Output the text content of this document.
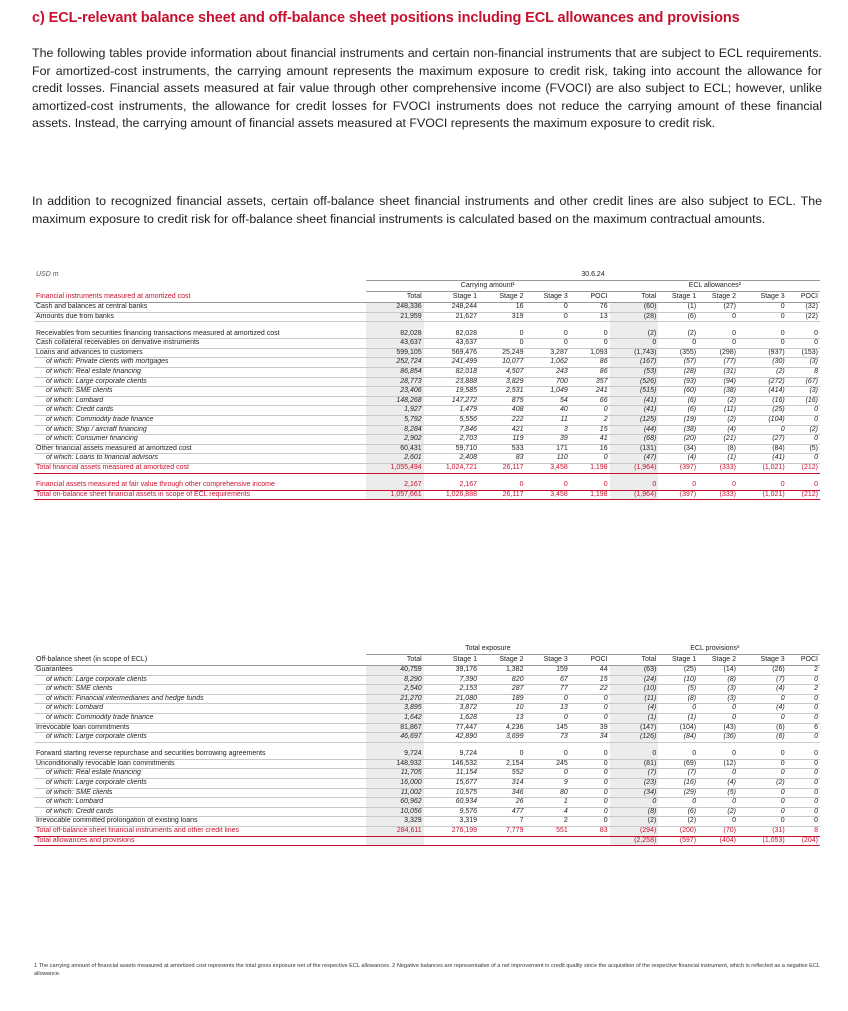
c) ECL-relevant balance sheet and off-balance sheet positions including ECL allowances and provisions
The following tables provide information about financial instruments and certain non-financial instruments that are subject to ECL requirements. For amortized-cost instruments, the carrying amount represents the maximum exposure to credit risk, taking into account the allowance for credit losses. Financial assets measured at fair value through other comprehensive income (FVOCI) are also subject to ECL; however, unlike amortized-cost instruments, the allowance for credit losses for FVOCI instruments does not reduce the carrying amount of these financial assets. Instead, the carrying amount of financial assets measured at FVOCI represents the maximum exposure to credit risk.
In addition to recognized financial assets, certain off-balance sheet financial instruments and other credit lines are also subject to ECL. The maximum exposure to credit risk for off-balance sheet financial instruments is calculated based on the maximum contractual amounts.
USD m	30.6.24									
	Carrying amount¹					ECL allowances²				
Financial instruments measured at amortized cost	Total	Stage 1	Stage 2	Stage 3	POCI	Total	Stage 1	Stage 2	Stage 3	POCI
Cash and balances at central banks	248,336	248,244	16	0	76	(60)	(1)	(27)	0	(32)
Amounts due from banks	21,959	21,627	319	0	13	(28)	(6)	0	0	(22)
Receivables from securities financing transactions measured at amortized cost	82,028	82,028	0	0	0	(2)	(2)	0	0	0
Cash collateral receivables on derivative instruments	43,637	43,637	0	0	0	0	0	0	0	0
Loans and advances to customers	599,105	569,476	25,249	3,287	1,093	(1,743)	(355)	(298)	(937)	(153)
of which: Private clients with mortgages	252,724	241,499	10,077	1,062	86	(167)	(57)	(77)	(30)	(3)
of which: Real estate financing	86,854	82,018	4,507	243	86	(53)	(28)	(31)	(2)	8
of which: Large corporate clients	28,773	23,888	3,829	700	357	(526)	(93)	(94)	(272)	(67)
of which: SME clients	23,406	19,585	2,531	1,049	241	(515)	(60)	(38)	(414)	(3)
of which: Lombard	148,268	147,272	875	54	66	(41)	(6)	(2)	(16)	(16)
of which: Credit cards	1,927	1,479	408	40	0	(41)	(6)	(11)	(25)	0
of which: Commodity trade finance	5,792	5,556	222	11	2	(125)	(19)	(2)	(104)	0
of which: Ship / aircraft financing	8,284	7,846	421	3	15	(44)	(38)	(4)	0	(2)
of which: Consumer financing	2,902	2,703	119	39	41	(68)	(20)	(21)	(27)	0
Other financial assets measured at amortized cost	60,431	59,710	533	171	16	(131)	(34)	(8)	(84)	(5)
of which: Loans to financial advisors	2,601	2,408	83	110	0	(47)	(4)	(1)	(41)	0
Total financial assets measured at amortized cost	1,055,494	1,024,721	26,117	3,458	1,198	(1,964)	(397)	(333)	(1,021)	(212)
Financial assets measured at fair value through other comprehensive income	2,167	2,167	0	0	0	0	0	0	0	0
Total on-balance sheet financial assets in scope of ECL requirements	1,057,661	1,026,888	26,117	3,458	1,198	(1,964)	(397)	(333)	(1,021)	(212)
	Total exposure					ECL provisions²				
Off-balance sheet (in scope of ECL)	Total	Stage 1	Stage 2	Stage 3	POCI	Total	Stage 1	Stage 2	Stage 3	POCI
Guarantees	40,759	39,176	1,382	159	44	(63)	(25)	(14)	(26)	2
of which: Large corporate clients	8,290	7,390	820	67	15	(24)	(10)	(8)	(7)	0
of which: SME clients	2,540	2,153	287	77	22	(10)	(5)	(3)	(4)	2
of which: Financial intermediaries and hedge funds	21,270	21,080	189	0	0	(11)	(8)	(3)	0	0
of which: Lombard	3,895	3,872	10	13	0	(4)	0	0	(4)	0
of which: Commodity trade finance	1,642	1,628	13	0	0	(1)	(1)	0	0	0
Irrevocable loan commitments	81,867	77,447	4,236	145	39	(147)	(104)	(43)	(6)	6
of which: Large corporate clients	46,697	42,890	3,699	73	34	(126)	(84)	(36)	(6)	0
Forward starting reverse repurchase and securities borrowing agreements	9,724	9,724	0	0	0	0	0	0	0	0
Unconditionally revocable loan commitments	148,932	146,532	2,154	245	0	(81)	(69)	(12)	0	0
of which: Real estate financing	11,705	11,154	552	0	0	(7)	(7)	0	0	0
of which: Large corporate clients	16,000	15,677	314	9	0	(23)	(16)	(4)	(2)	0
of which: SME clients	11,002	10,575	346	80	0	(34)	(29)	(5)	0	0
of which: Lombard	60,962	60,934	26	1	0	0	0	0	0	0
of which: Credit cards	10,056	9,576	477	4	0	(8)	(6)	(2)	0	0
Irrevocable committed prolongation of existing loans	3,329	3,319	7	2	0	(2)	(2)	0	0	0
Total off-balance sheet financial instruments and other credit lines	284,611	276,199	7,779	551	83	(294)	(200)	(70)	(31)	8
Total allowances and provisions						(2,258)	(597)	(404)	(1,053)	(204)
1 The carrying amount of financial assets measured at amortized cost represents the total gross exposure net of the respective ECL allowances. 2 Negative balances are representative of a net improvement in credit quality since the acquisition of the respective financial instrument, which is reflected as a negative ECL allowance.
